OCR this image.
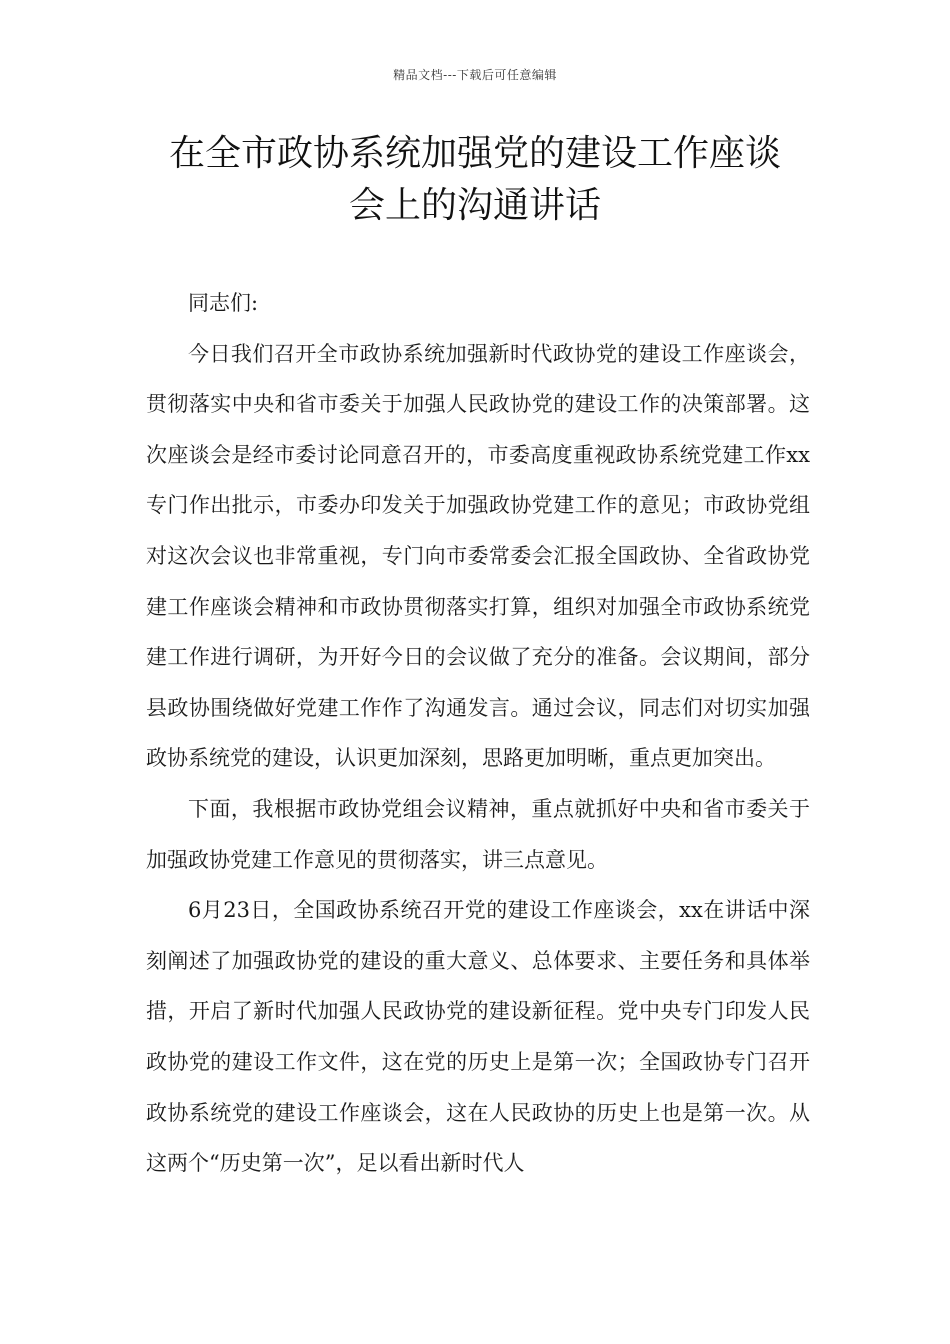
精品文档---下载后可任意编辑
在全市政协系统加强党的建设工作座谈
会上的沟通讲话

同志们:

今日我们召开全市政协系统加强新时代政协党的建设工作座谈会，贯彻落实中央和省市委关于加强人民政协党的建设工作的决策部署。这次座谈会是经市委讨论同意召开的，市委高度重视政协系统党建工作xx专门作出批示，市委办印发关于加强政协党建工作的意见；市政协党组对这次会议也非常重视，专门向市委常委会汇报全国政协、全省政协党建工作座谈会精神和市政协贯彻落实打算，组织对加强全市政协系统党建工作进行调研，为开好今日的会议做了充分的准备。会议期间，部分县政协围绕做好党建工作作了沟通发言。通过会议，同志们对切实加强政协系统党的建设，认识更加深刻，思路更加明晰，重点更加突出。

下面，我根据市政协党组会议精神，重点就抓好中央和省市委关于加强政协党建工作意见的贯彻落实，讲三点意见。

6月23日，全国政协系统召开党的建设工作座谈会，xx在讲话中深刻阐述了加强政协党的建设的重大意义、总体要求、主要任务和具体举措，开启了新时代加强人民政协党的建设新征程。党中央专门印发人民政协党的建设工作文件，这在党的历史上是第一次；全国政协专门召开政协系统党的建设工作座谈会，这在人民政协的历史上也是第一次。从这两个“历史第一次”，足以看出新时代人
